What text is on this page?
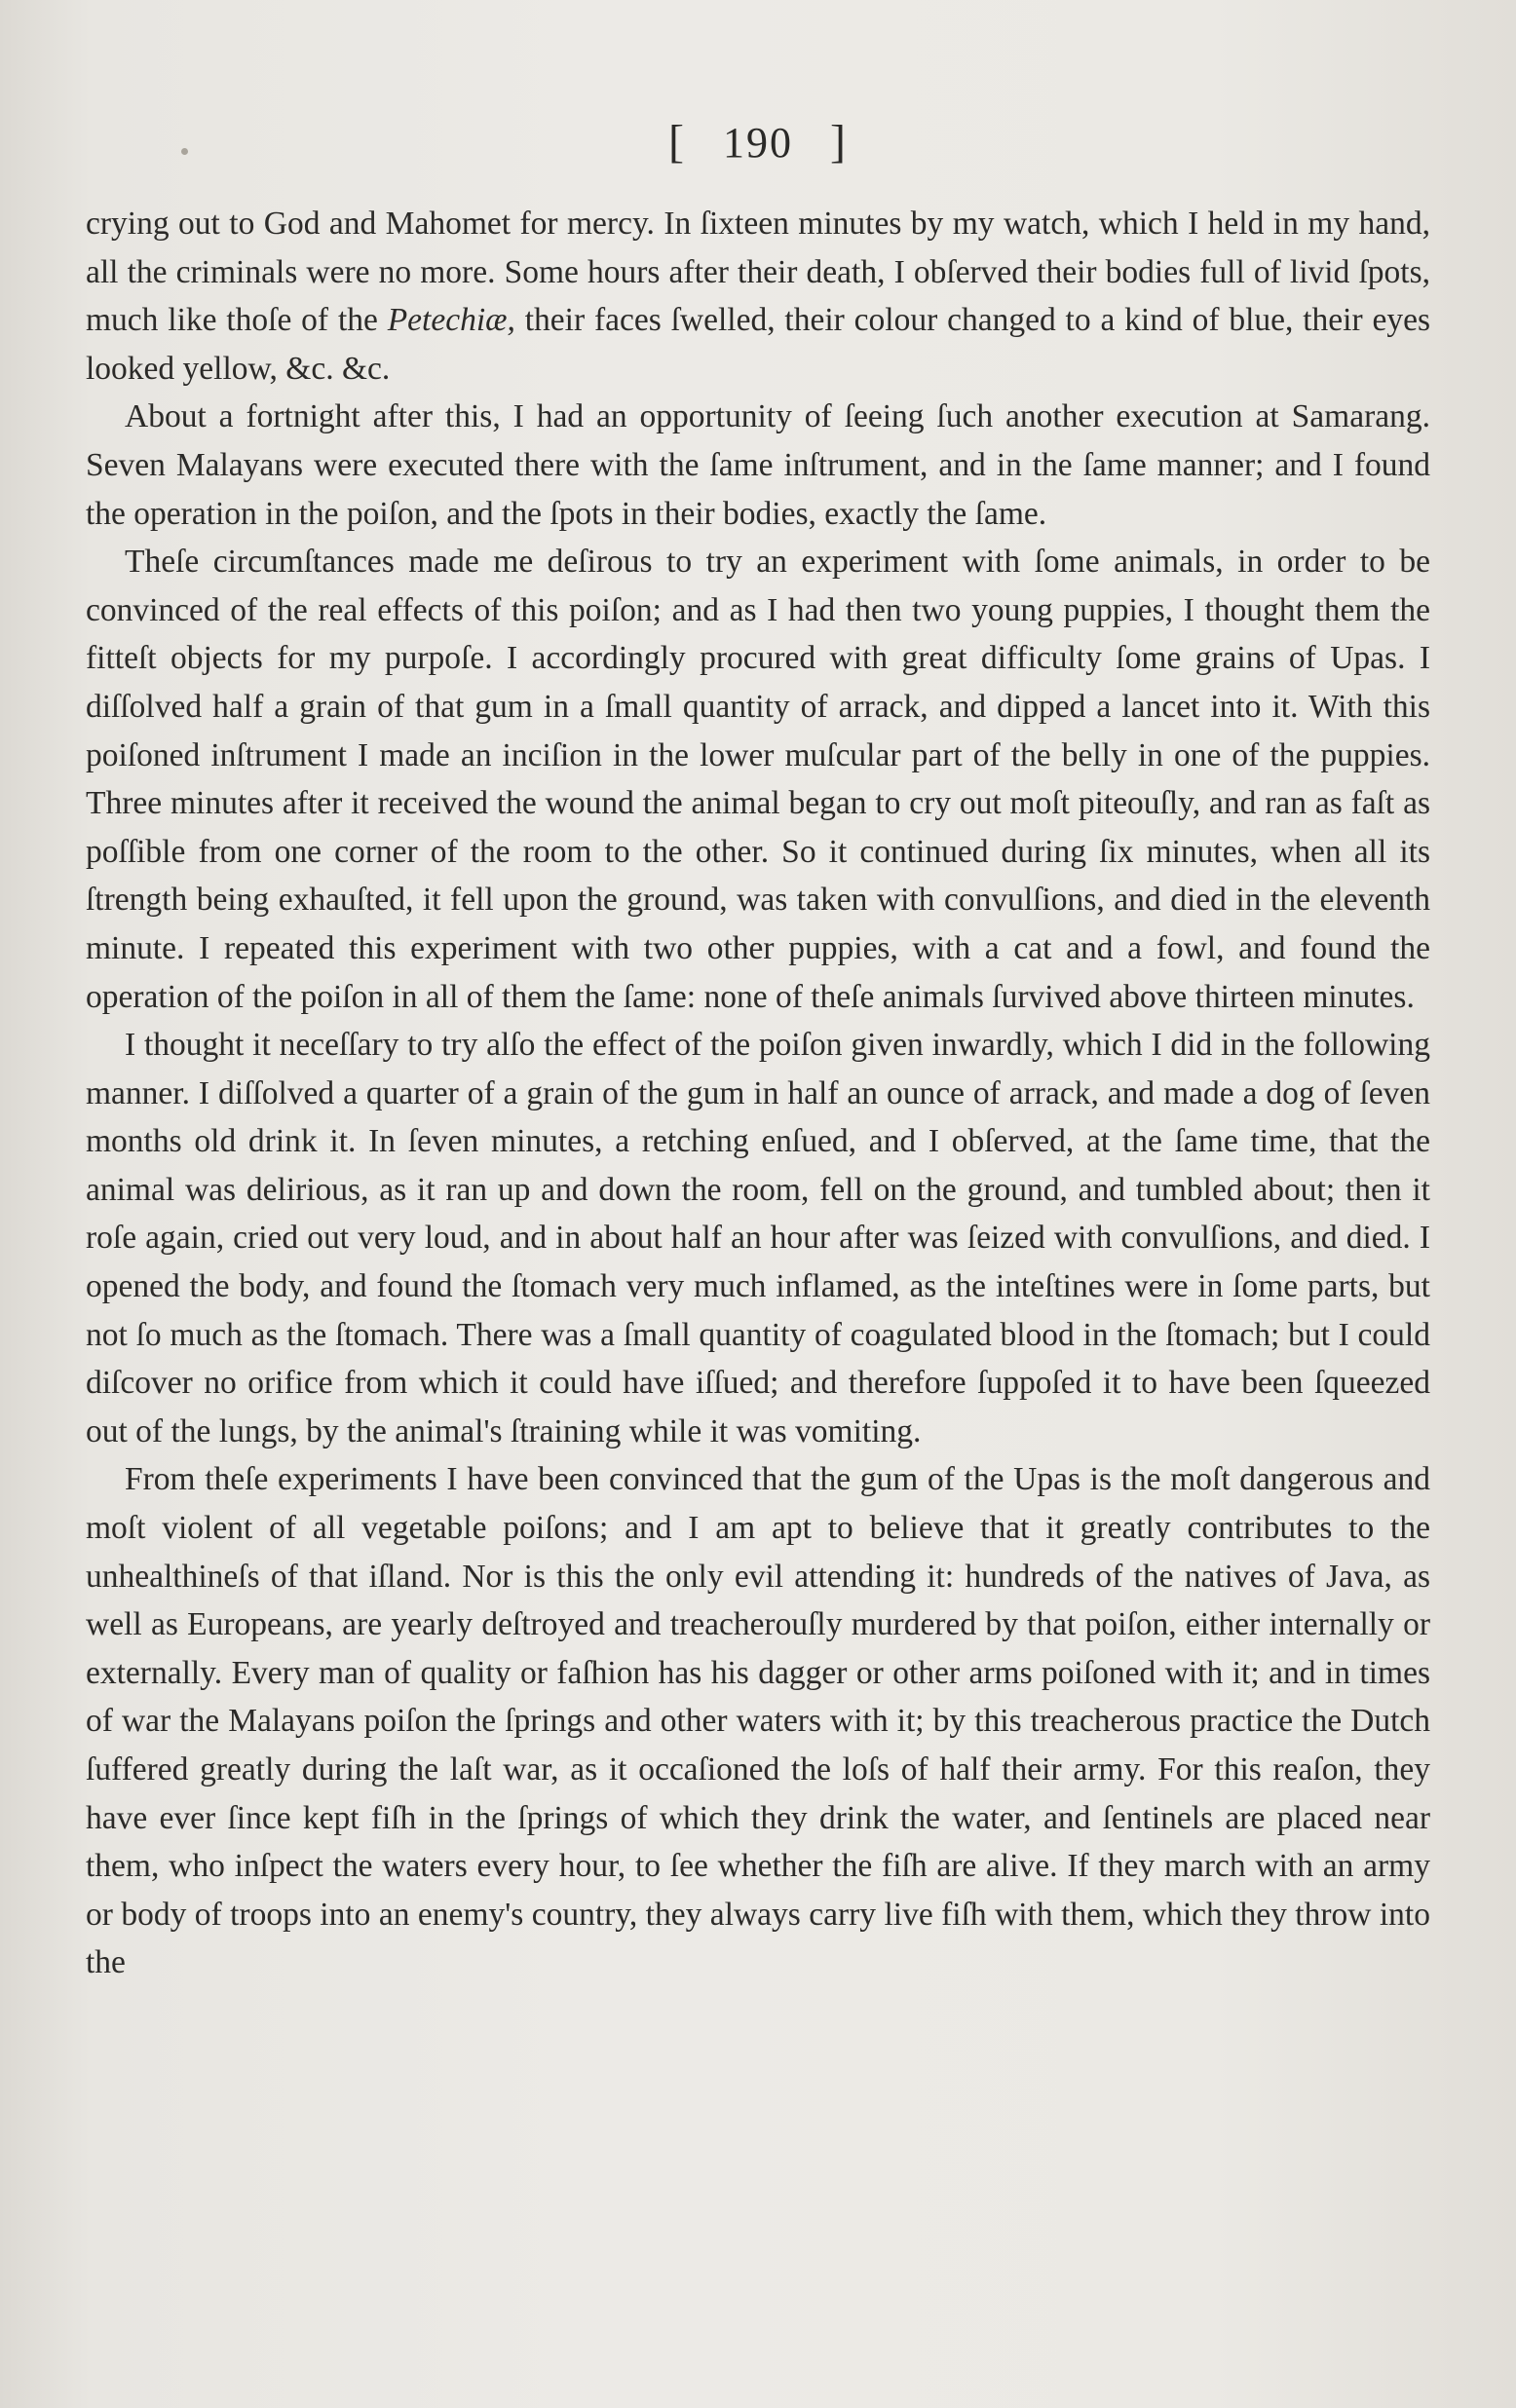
[ 190 ]

crying out to God and Mahomet for mercy. In ſixteen minutes by my watch, which I held in my hand, all the criminals were no more. Some hours after their death, I obſerved their bodies full of livid ſpots, much like thoſe of the Petechiæ, their faces ſwelled, their colour changed to a kind of blue, their eyes looked yellow, &c. &c.

About a fortnight after this, I had an opportunity of ſeeing ſuch another execution at Samarang. Seven Malayans were executed there with the ſame inſtrument, and in the ſame manner; and I found the operation in the poiſon, and the ſpots in their bodies, exactly the ſame.

Theſe circumſtances made me deſirous to try an experiment with ſome animals, in order to be convinced of the real effects of this poiſon; and as I had then two young puppies, I thought them the fitteſt objects for my purpoſe. I accordingly procured with great difficulty ſome grains of Upas. I diſſolved half a grain of that gum in a ſmall quantity of arrack, and dipped a lancet into it. With this poiſoned inſtrument I made an inciſion in the lower muſcular part of the belly in one of the puppies. Three minutes after it received the wound the animal began to cry out moſt piteouſly, and ran as faſt as poſſible from one corner of the room to the other. So it continued during ſix minutes, when all its ſtrength being exhauſted, it fell upon the ground, was taken with convulſions, and died in the eleventh minute. I repeated this experiment with two other puppies, with a cat and a fowl, and found the operation of the poiſon in all of them the ſame: none of theſe animals ſurvived above thirteen minutes.

I thought it neceſſary to try alſo the effect of the poiſon given inwardly, which I did in the following manner. I diſſolved a quarter of a grain of the gum in half an ounce of arrack, and made a dog of ſeven months old drink it. In ſeven minutes, a retching enſued, and I obſerved, at the ſame time, that the animal was delirious, as it ran up and down the room, fell on the ground, and tumbled about; then it roſe again, cried out very loud, and in about half an hour after was ſeized with convulſions, and died. I opened the body, and found the ſtomach very much inflamed, as the inteſtines were in ſome parts, but not ſo much as the ſtomach. There was a ſmall quantity of coagulated blood in the ſtomach; but I could diſcover no orifice from which it could have iſſued; and therefore ſuppoſed it to have been ſqueezed out of the lungs, by the animal's ſtraining while it was vomiting.

From theſe experiments I have been convinced that the gum of the Upas is the moſt dangerous and moſt violent of all vegetable poiſons; and I am apt to believe that it greatly contributes to the unhealthineſs of that iſland. Nor is this the only evil attending it: hundreds of the natives of Java, as well as Europeans, are yearly deſtroyed and treacherouſly murdered by that poiſon, either internally or externally. Every man of quality or faſhion has his dagger or other arms poiſoned with it; and in times of war the Malayans poiſon the ſprings and other waters with it; by this treacherous practice the Dutch ſuffered greatly during the laſt war, as it occaſioned the loſs of half their army. For this reaſon, they have ever ſince kept fiſh in the ſprings of which they drink the water, and ſentinels are placed near them, who inſpect the waters every hour, to ſee whether the fiſh are alive. If they march with an army or body of troops into an enemy's country, they always carry live fiſh with them, which they throw into the
